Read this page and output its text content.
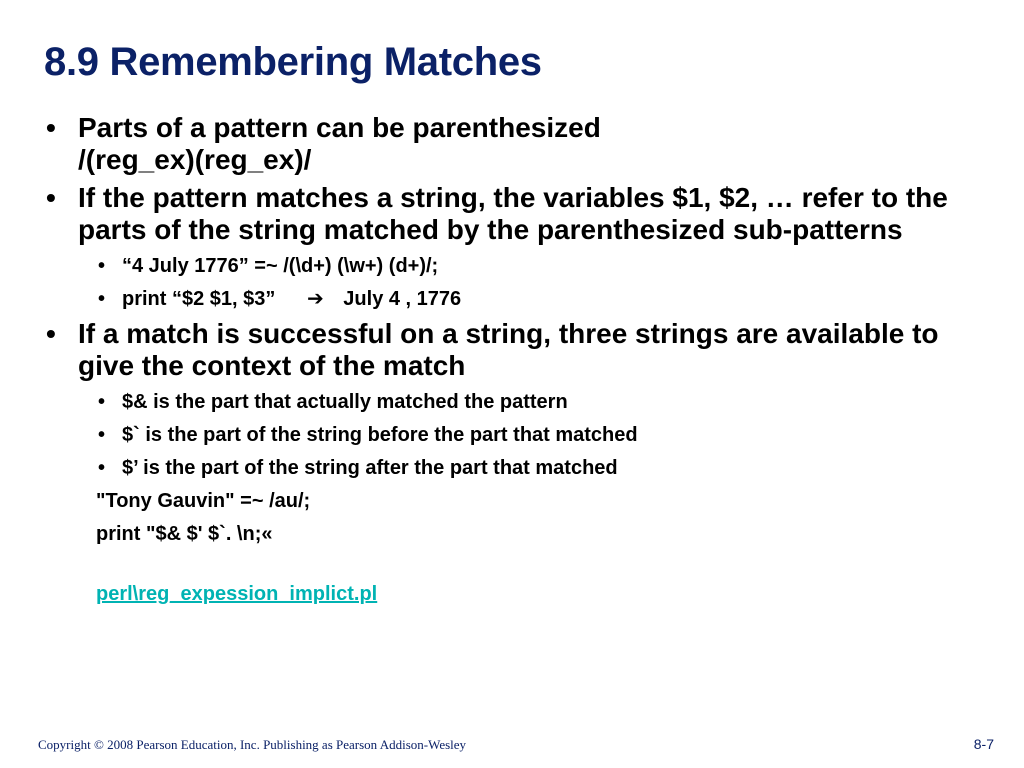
8.9 Remembering Matches
• Parts of a pattern can be parenthesized
/(reg_ex)(reg_ex)/
• If the pattern matches a string, the variables $1, $2, … refer to the parts of the string matched by the parenthesized sub-patterns
• “4 July 1776” =~ /(\d+) (\w+) (d+)/;
• print “$2 $1, $3” ➔ July 4 , 1776
• If a match is successful on a string, three strings are available to give the context of the match
• $& is the part that actually matched the pattern
• $` is the part of the string before the part that matched
• $’ is the part of the string after the part that matched
"Tony Gauvin" =~ /au/;
print "$& $' $`. \n;«
perl\reg_expession_implict.pl
Copyright © 2008 Pearson Education, Inc. Publishing as Pearson Addison-Wesley	8-7
